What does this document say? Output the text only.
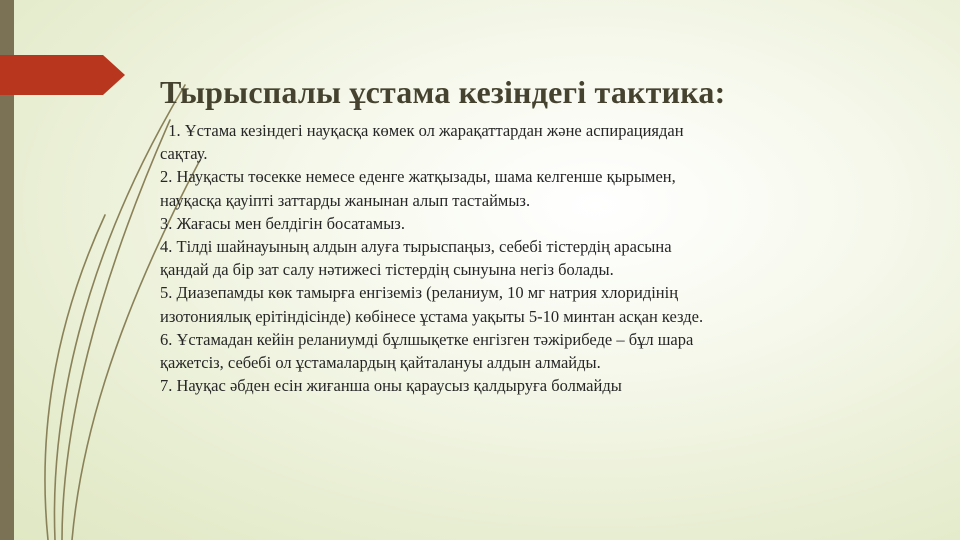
Тырыспалы ұстама кезіндегі тактика:

1. Ұстама кезіндегі науқасқа көмек ол жарақаттардан және аспирациядан

сақтау.

2. Науқасты төсекке немесе еденге жатқызады, шама келгенше қырымен,

науқасқа қауіпті заттарды жанынан алып тастаймыз.

3. Жағасы мен белдігін босатамыз.

4. Тілді шайнауының алдын алуға тырыспаңыз, себебі тістердің арасына

қандай да бір зат салу нәтижесі тістердің сынуына негіз болады.

5. Диазепамды көк тамырға енгіземіз (реланиум, 10 мг натрия хлоридінің

изотониялық ерітіндісінде) көбінесе ұстама уақыты 5-10 минтан асқан кезде.

6. Ұстамадан кейін реланиумді бұлшықетке енгізген тәжірибеде – бұл шара

қажетсіз, себебі ол ұстамалардың қайталануы алдын алмайды.

7. Науқас әбден есін жиғанша оны қараусыз қалдыруға болмайды
